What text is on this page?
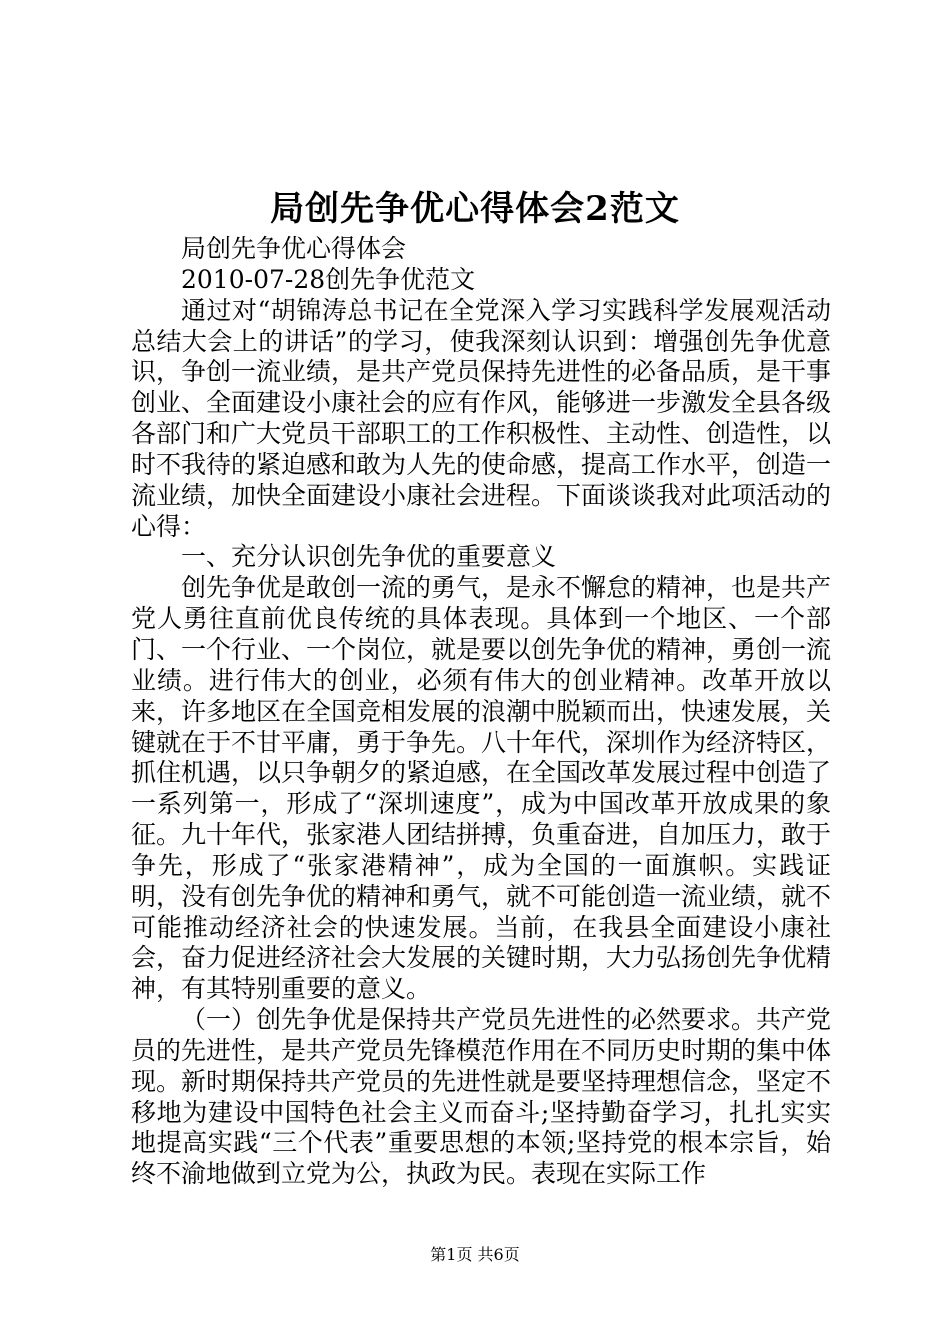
局创先争优心得体会2范文
局创先争优心得体会
2010-07-28创先争优范文

通过对“胡锦涛总书记在全党深入学习实践科学发展观活动总结大会上的讲话”的学习，使我深刻认识到：增强创先争优意识，争创一流业绩，是共产党员保持先进性的必备品质，是干事创业、全面建设小康社会的应有作风，能够进一步激发全县各级各部门和广大党员干部职工的工作积极性、主动性、创造性，以时不我待的紧迫感和敢为人先的使命感，提高工作水平，创造一流业绩，加快全面建设小康社会进程。下面谈谈我对此项活动的心得：

一、充分认识创先争优的重要意义

创先争优是敢创一流的勇气，是永不懈怠的精神，也是共产党人勇往直前优良传统的具体表现。具体到一个地区、一个部门、一个行业、一个岗位，就是要以创先争优的精神，勇创一流业绩。进行伟大的创业，必须有伟大的创业精神。改革开放以来，许多地区在全国竞相发展的浪潮中脱颖而出，快速发展，关键就在于不甘平庸，勇于争先。八十年代，深圳作为经济特区，抓住机遇，以只争朝夕的紧迫感，在全国改革发展过程中创造了一系列第一，形成了“深圳速度”，成为中国改革开放成果的象征。九十年代，张家港人团结拼搏，负重奋进，自加压力，敢于争先，形成了“张家港精神”，成为全国的一面旗帜。实践证明，没有创先争优的精神和勇气，就不可能创造一流业绩，就不可能推动经济社会的快速发展。当前，在我县全面建设小康社会，奋力促进经济社会大发展的关键时期，大力弘扬创先争优精神，有其特别重要的意义。

（一）创先争优是保持共产党员先进性的必然要求。共产党员的先进性，是共产党员先锋模范作用在不同历史时期的集中体现。新时期保持共产党员的先进性就是要坚持理想信念，坚定不移地为建设中国特色社会主义而奋斗;坚持勤奋学习，扎扎实实地提高实践“三个代表”重要思想的本领;坚持党的根本宗旨，始终不渝地做到立党为公，执政为民。表现在实际工作

第1页 共6页
